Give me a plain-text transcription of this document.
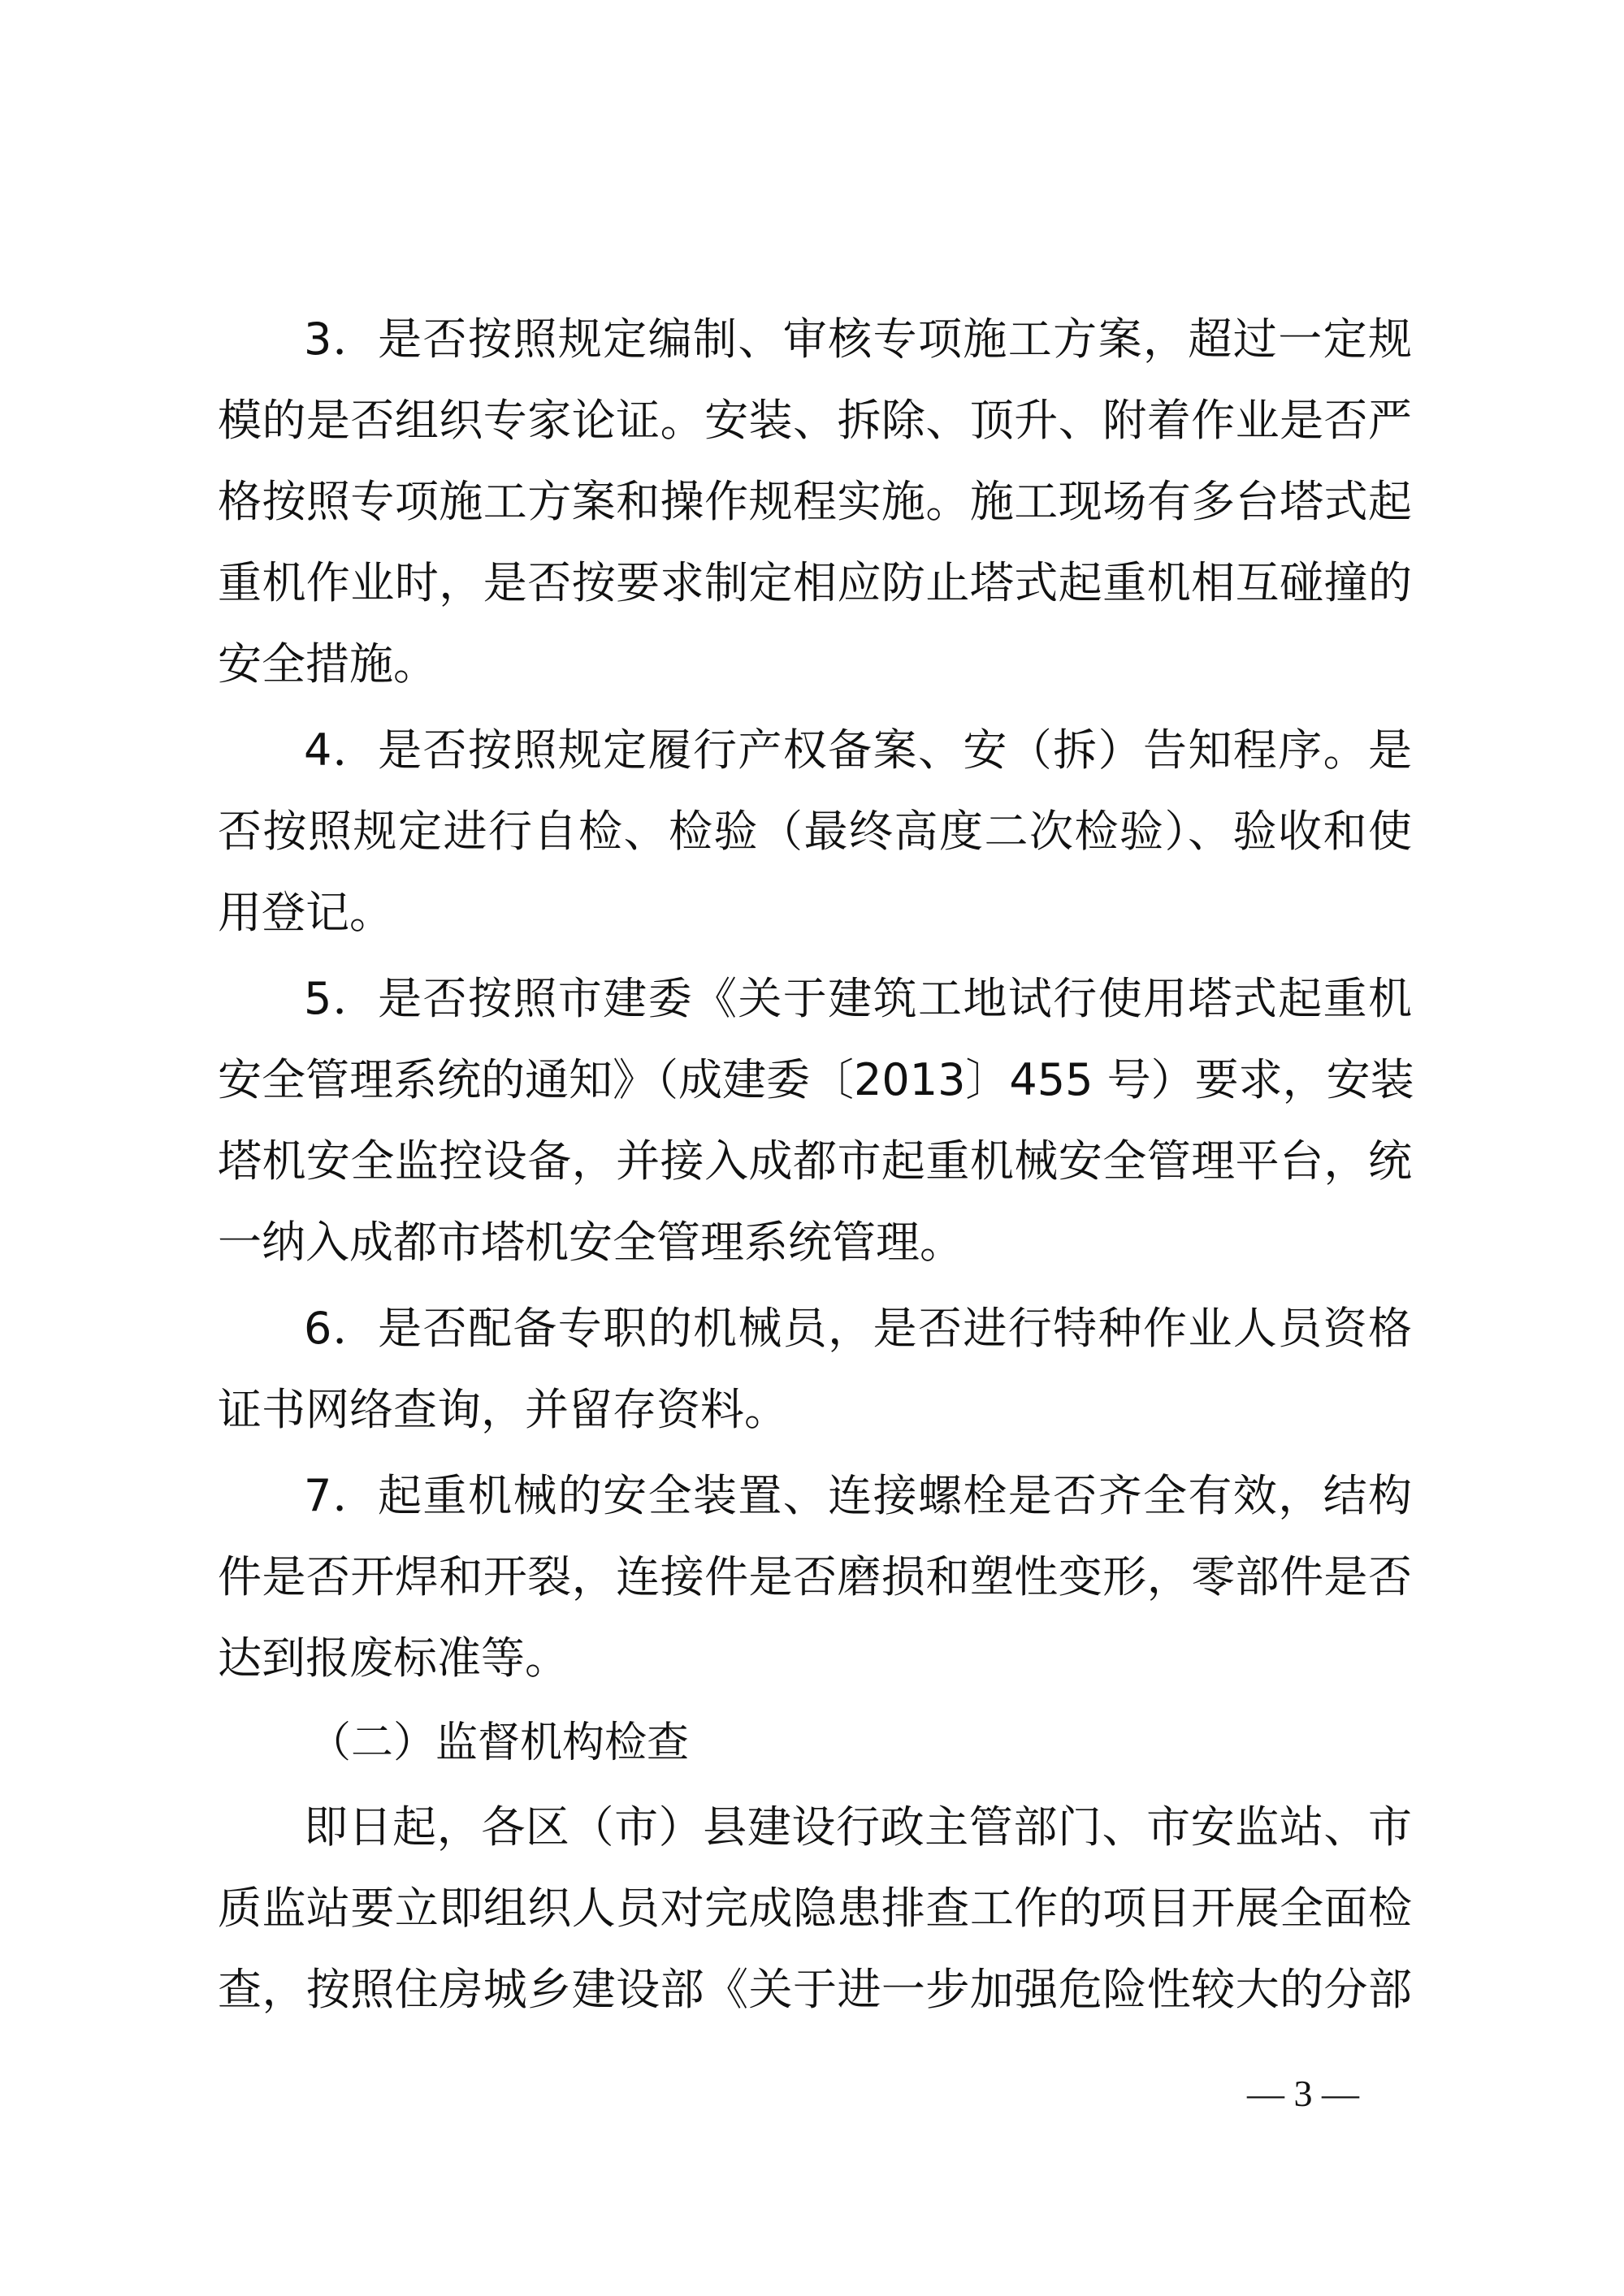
3．是否按照规定编制、审核专项施工方案，超过一定规
模的是否组织专家论证。安装、拆除、顶升、附着作业是否严
格按照专项施工方案和操作规程实施。施工现场有多台塔式起
重机作业时，是否按要求制定相应防止塔式起重机相互碰撞的
安全措施。
4．是否按照规定履行产权备案、安（拆）告知程序。是
否按照规定进行自检、检验（最终高度二次检验）、验收和使
用登记。
5．是否按照市建委《关于建筑工地试行使用塔式起重机
安全管理系统的通知》（成建委〔2013〕455 号）要求，安装
塔机安全监控设备，并接入成都市起重机械安全管理平台，统
一纳入成都市塔机安全管理系统管理。
6．是否配备专职的机械员，是否进行特种作业人员资格
证书网络查询，并留存资料。
7．起重机械的安全装置、连接螺栓是否齐全有效，结构
件是否开焊和开裂，连接件是否磨损和塑性变形，零部件是否
达到报废标准等。
（二）监督机构检查
即日起，各区（市）县建设行政主管部门、市安监站、市
质监站要立即组织人员对完成隐患排查工作的项目开展全面检
查，按照住房城乡建设部《关于进一步加强危险性较大的分部
— 3 —
